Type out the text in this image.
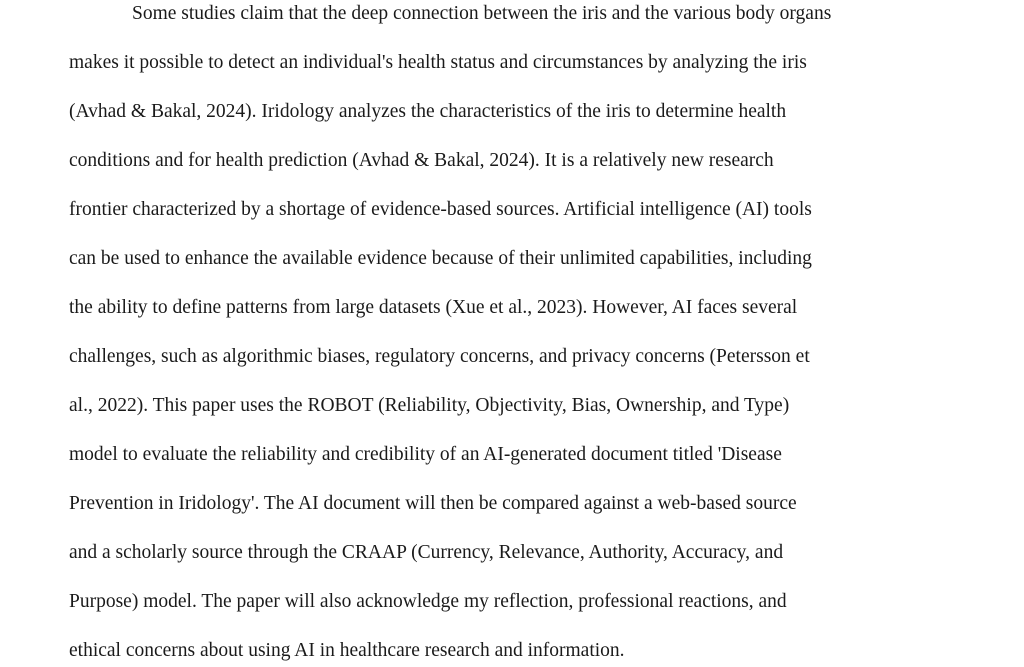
Some studies claim that the deep connection between the iris and the various body organs
makes it possible to detect an individual's health status and circumstances by analyzing the iris
(Avhad & Bakal, 2024). Iridology analyzes the characteristics of the iris to determine health
conditions and for health prediction (Avhad & Bakal, 2024). It is a relatively new research
frontier characterized by a shortage of evidence-based sources. Artificial intelligence (AI) tools
can be used to enhance the available evidence because of their unlimited capabilities, including
the ability to define patterns from large datasets (Xue et al., 2023). However, AI faces several
challenges, such as algorithmic biases, regulatory concerns, and privacy concerns (Petersson et
al., 2022). This paper uses the ROBOT (Reliability, Objectivity, Bias, Ownership, and Type)
model to evaluate the reliability and credibility of an AI-generated document titled 'Disease
Prevention in Iridology'. The AI document will then be compared against a web-based source
and a scholarly source through the CRAAP (Currency, Relevance, Authority, Accuracy, and
Purpose) model. The paper will also acknowledge my reflection, professional reactions, and
ethical concerns about using AI in healthcare research and information.
